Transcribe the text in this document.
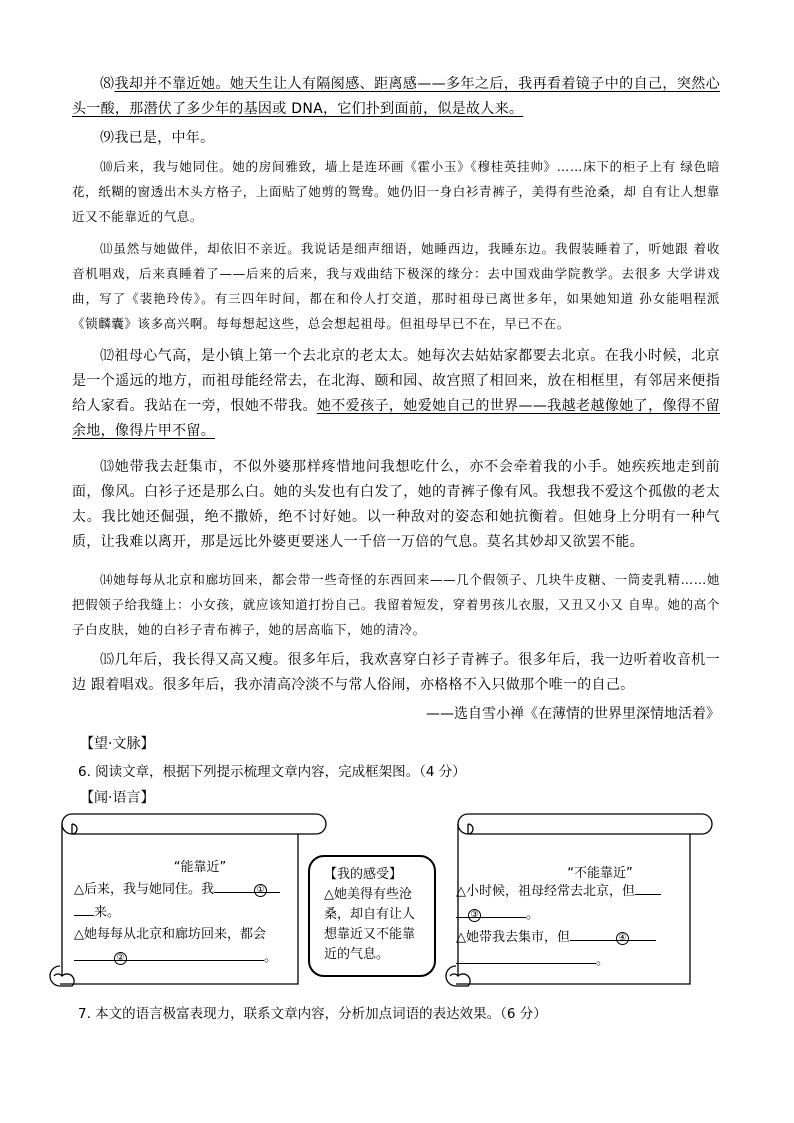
⑻我却并不靠近她。她天生让人有隔阂感、距离感——多年之后，我再看着镜子中的自己，突然心头一酸，那潜伏了多少年的基因或 DNA，它们扑到面前，似是故人来。

⑼我已是，中年。

⑽后来，我与她同住。她的房间雅致，墙上是连环画《霍小玉》《穆桂英挂帅》……床下的柜子上有 绿色暗花，纸糊的窗透出木头方格子，上面贴了她剪的鸳鸯。她仍旧一身白衫青裤子，美得有些沧桑，却 自有让人想靠近又不能靠近的气息。

⑾虽然与她做伴，却依旧不亲近。我说话是细声细语，她睡西边，我睡东边。我假装睡着了，听她跟 着收音机唱戏，后来真睡着了——后来的后来，我与戏曲结下极深的缘分：去中国戏曲学院教学。去很多 大学讲戏曲，写了《裴艳玲传》。有三四年时间，都在和伶人打交道，那时祖母已离世多年，如果她知道 孙女能唱程派《锁麟囊》该多高兴啊。每每想起这些，总会想起祖母。但祖母早已不在，早已不在。

⑿祖母心气高，是小镇上第一个去北京的老太太。她每次去姑姑家都要去北京。在我小时候，北京是一个遥远的地方，而祖母能经常去，在北海、颐和园、故宫照了相回来，放在相框里，有邻居来便指给人家看。我站在一旁，恨她不带我。她不爱孩子，她爱她自己的世界——我越老越像她了，像得不留余地，像得片甲不留。

⒀她带我去赶集市，不似外婆那样疼惜地问我想吃什么，亦不会牵着我的小手。她疾疾地走到前面，像风。白衫子还是那么白。她的头发也有白发了，她的青裤子像有风。我想我不爱这个孤傲的老太太。我比她还倔强，绝不撒娇，绝不讨好她。以一种敌对的姿态和她抗衡着。但她身上分明有一种气质，让我难以离开，那是远比外婆更要迷人一千倍一万倍的气息。莫名其妙却又欲罢不能。

⒁她每每从北京和廊坊回来，都会带一些奇怪的东西回来——几个假领子、几块牛皮糖、一筒麦乳精……她把假领子给我缝上：小女孩，就应该知道打扮自己。我留着短发，穿着男孩儿衣服，又丑又小又 自卑。她的高个子白皮肤，她的白衫子青布裤子，她的居高临下，她的清冷。

⒂几年后，我长得又高又瘦。很多年后，我欢喜穿白衫子青裤子。很多年后，我一边听着收音机一边 跟着唱戏。很多年后，我亦清高冷淡不与常人俗闹，亦格格不入只做那个唯一的自己。

——选自雪小禅《在薄情的世界里深情地活着》
【望·文脉】
6. 阅读文章，根据下列提示梳理文章内容，完成框架图。（4 分）
【闻·语言】
“能靠近”
△后来，我与她同住。我	①
来。
△她每每从北京和廊坊回来，都会
②	。
【我的感受】
△她美得有些沧桑，却自有让人想靠近又不能靠近的气息。
“不能靠近”
△小时候，祖母经常去北京，但
③	。
△她带我去集市，但	④
。
7. 本文的语言极富表现力，联系文章内容，分析加点词语的表达效果。（6 分）
